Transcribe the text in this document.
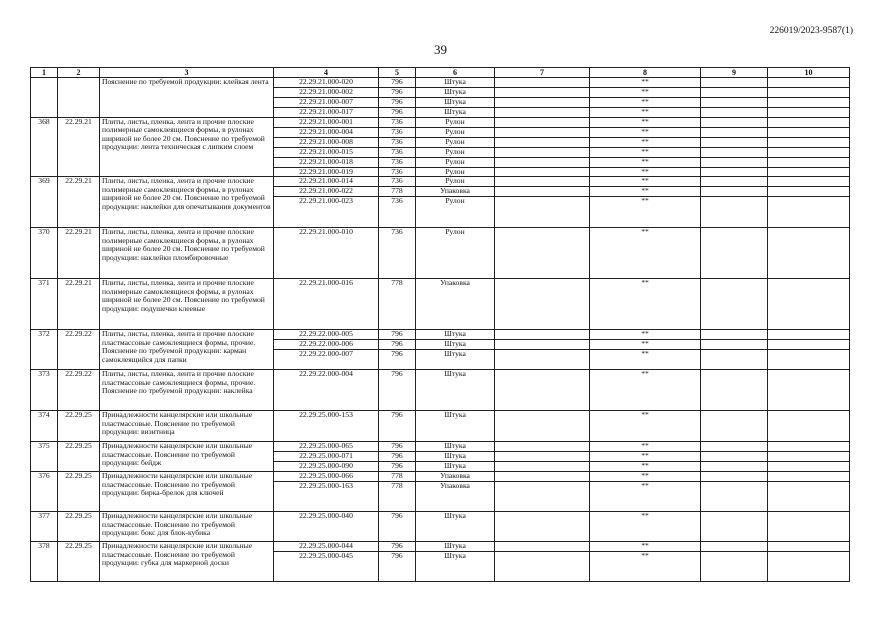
226019/2023-9587(1)
39
1	2	3	4	5	6	7	8	9	10
		Пояснение по требуемой продукции: клейкая лента	22.29.21.000-020	796	Штука		**		
			22.29.21.000-002	796	Штука		**		
			22.29.21.000-007	796	Штука		**		
			22.29.21.000-017	796	Штука		**		
368	22.29.21	Плиты, листы, пленка, лента и прочие плоские полимерные самоклеящиеся формы, в рулонах шириной не более 20 см. Пояснение по требуемой продукции: лента техническая с липким слоем	22.29.21.000-001	736	Рулон		**		
			22.29.21.000-004	736	Рулон		**		
			22.29.21.000-008	736	Рулон		**		
			22.29.21.000-015	736	Рулон		**		
			22.29.21.000-018	736	Рулон		**		
			22.29.21.000-019	736	Рулон		**		
369	22.29.21	Плиты, листы, пленка, лента и прочие плоские полимерные самоклеящиеся формы, в рулонах шириной не более 20 см. Пояснение по требуемой продукции: наклейки для опечатывания документов	22.29.21.000-014	736	Рулон		**		
			22.29.21.000-022	778	Упаковка		**		
			22.29.21.000-023	736	Рулон		**		
370	22.29.21	Плиты, листы, пленка, лента и прочие плоские полимерные самоклеящиеся формы, в рулонах шириной не более 20 см. Пояснение по требуемой продукции: наклейки пломбировочные	22.29.21.000-010	736	Рулон		**		
371	22.29.21	Плиты, листы, пленка, лента и прочие плоские полимерные самоклеящиеся формы, в рулонах шириной не более 20 см. Пояснение по требуемой продукции: подушечки клеевые	22.29.21.000-016	778	Упаковка		**		
372	22.29.22	Плиты, листы, пленка, лента и прочие плоские пластмассовые самоклеящиеся формы, прочие. Пояснение по требуемой продукции: карман самоклеящийся для папки	22.29.22.000-005	796	Штука		**		
			22.29.22.000-006	796	Штука		**		
			22.29.22.000-007	796	Штука		**		
373	22.29.22	Плиты, листы, пленка, лента и прочие плоские пластмассовые самоклеящиеся формы, прочие. Пояснение по требуемой продукции: наклейка	22.29.22.000-004	796	Штука		**		
374	22.29.25	Принадлежности канцелярские или школьные пластмассовые. Пояснение по требуемой продукции: визитница	22.29.25.000-153	796	Штука		**		
375	22.29.25	Принадлежности канцелярские или школьные пластмассовые. Пояснение по требуемой продукции: бейдж	22.29.25.000-065	796	Штука		**		
			22.29.25.000-071	796	Штука		**		
			22.29.25.000-090	796	Штука		**		
376	22.29.25	Принадлежности канцелярские или школьные пластмассовые. Пояснение по требуемой продукции: бирка-брелок для ключей	22.29.25.000-066	778	Упаковка		**		
			22.29.25.000-163	778	Упаковка		**		
377	22.29.25	Принадлежности канцелярские или школьные пластмассовые. Пояснение по требуемой продукции: бокс для блок-кубика	22.29.25.000-040	796	Штука		**		
378	22.29.25	Принадлежности канцелярские или школьные пластмассовые. Пояснение по требуемой продукции: губка для маркерной доски	22.29.25.000-044	796	Штука		**		
			22.29.25.000-045	796	Штука		**		
